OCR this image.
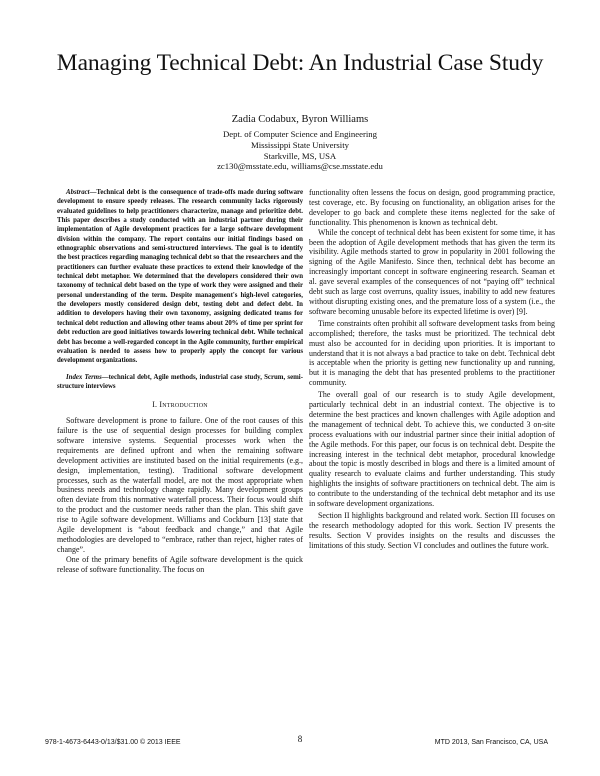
Managing Technical Debt: An Industrial Case Study
Zadia Codabux, Byron Williams
Dept. of Computer Science and Engineering
Mississippi State University
Starkville, MS, USA
zc130@msstate.edu, williams@cse.msstate.edu

Abstract—Technical debt is the consequence of trade-offs made during software development to ensure speedy releases. The research community lacks rigorously evaluated guidelines to help practitioners characterize, manage and prioritize debt. This paper describes a study conducted with an industrial partner during their implementation of Agile development practices for a large software development division within the company. The report contains our initial findings based on ethnographic observations and semi-structured interviews. The goal is to identify the best practices regarding managing technical debt so that the researchers and the practitioners can further evaluate these practices to extend their knowledge of the technical debt metaphor. We determined that the developers considered their own taxonomy of technical debt based on the type of work they were assigned and their personal understanding of the term. Despite management's high-level categories, the developers mostly considered design debt, testing debt and defect debt. In addition to developers having their own taxonomy, assigning dedicated teams for technical debt reduction and allowing other teams about 20% of time per sprint for debt reduction are good initiatives towards lowering technical debt. While technical debt has become a well-regarded concept in the Agile community, further empirical evaluation is needed to assess how to properly apply the concept for various development organizations.

Index Terms—technical debt, Agile methods, industrial case study, Scrum, semi-structure interviews

I. Introduction

Software development is prone to failure. One of the root causes of this failure is the use of sequential design processes for building complex software intensive systems. Sequential processes work when the requirements are defined upfront and when the remaining software development activities are instituted based on the initial requirements (e.g., design, implementation, testing). Traditional software development processes, such as the waterfall model, are not the most appropriate when business needs and technology change rapidly. Many development groups often deviate from this normative waterfall process. Their focus would shift to the product and the customer needs rather than the plan. This shift gave rise to Agile software development. Williams and Cockburn [13] state that Agile development is “about feedback and change,” and that Agile methodologies are developed to “embrace, rather than reject, higher rates of change”.

One of the primary benefits of Agile software development is the quick release of software functionality. The focus on

functionality often lessens the focus on design, good programming practice, test coverage, etc. By focusing on functionality, an obligation arises for the developer to go back and complete these items neglected for the sake of functionality. This phenomenon is known as technical debt.

While the concept of technical debt has been existent for some time, it has been the adoption of Agile development methods that has given the term its visibility. Agile methods started to grow in popularity in 2001 following the signing of the Agile Manifesto. Since then, technical debt has become an increasingly important concept in software engineering research. Seaman et al. gave several examples of the consequences of not “paying off” technical debt such as large cost overruns, quality issues, inability to add new features without disrupting existing ones, and the premature loss of a system (i.e., the software becoming unusable before its expected lifetime is over) [9].

Time constraints often prohibit all software development tasks from being accomplished; therefore, the tasks must be prioritized. The technical debt must also be accounted for in deciding upon priorities. It is important to understand that it is not always a bad practice to take on debt. Technical debt is acceptable when the priority is getting new functionality up and running, but it is managing the debt that has presented problems to the practitioner community.

The overall goal of our research is to study Agile development, particularly technical debt in an industrial context. The objective is to determine the best practices and known challenges with Agile adoption and the management of technical debt. To achieve this, we conducted 3 on-site process evaluations with our industrial partner since their initial adoption of the Agile methods. For this paper, our focus is on technical debt. Despite the increasing interest in the technical debt metaphor, procedural knowledge about the topic is mostly described in blogs and there is a limited amount of quality research to evaluate claims and further understanding. This study highlights the insights of software practitioners on technical debt. The aim is to contribute to the understanding of the technical debt metaphor and its use in software development organizations.

Section II highlights background and related work. Section III focuses on the research methodology adopted for this work. Section IV presents the results. Section V provides insights on the results and discusses the limitations of this study. Section VI concludes and outlines the future work.

978-1-4673-6443-0/13/$31.00 © 2013 IEEE	8	MTD 2013, San Francisco, CA, USA
